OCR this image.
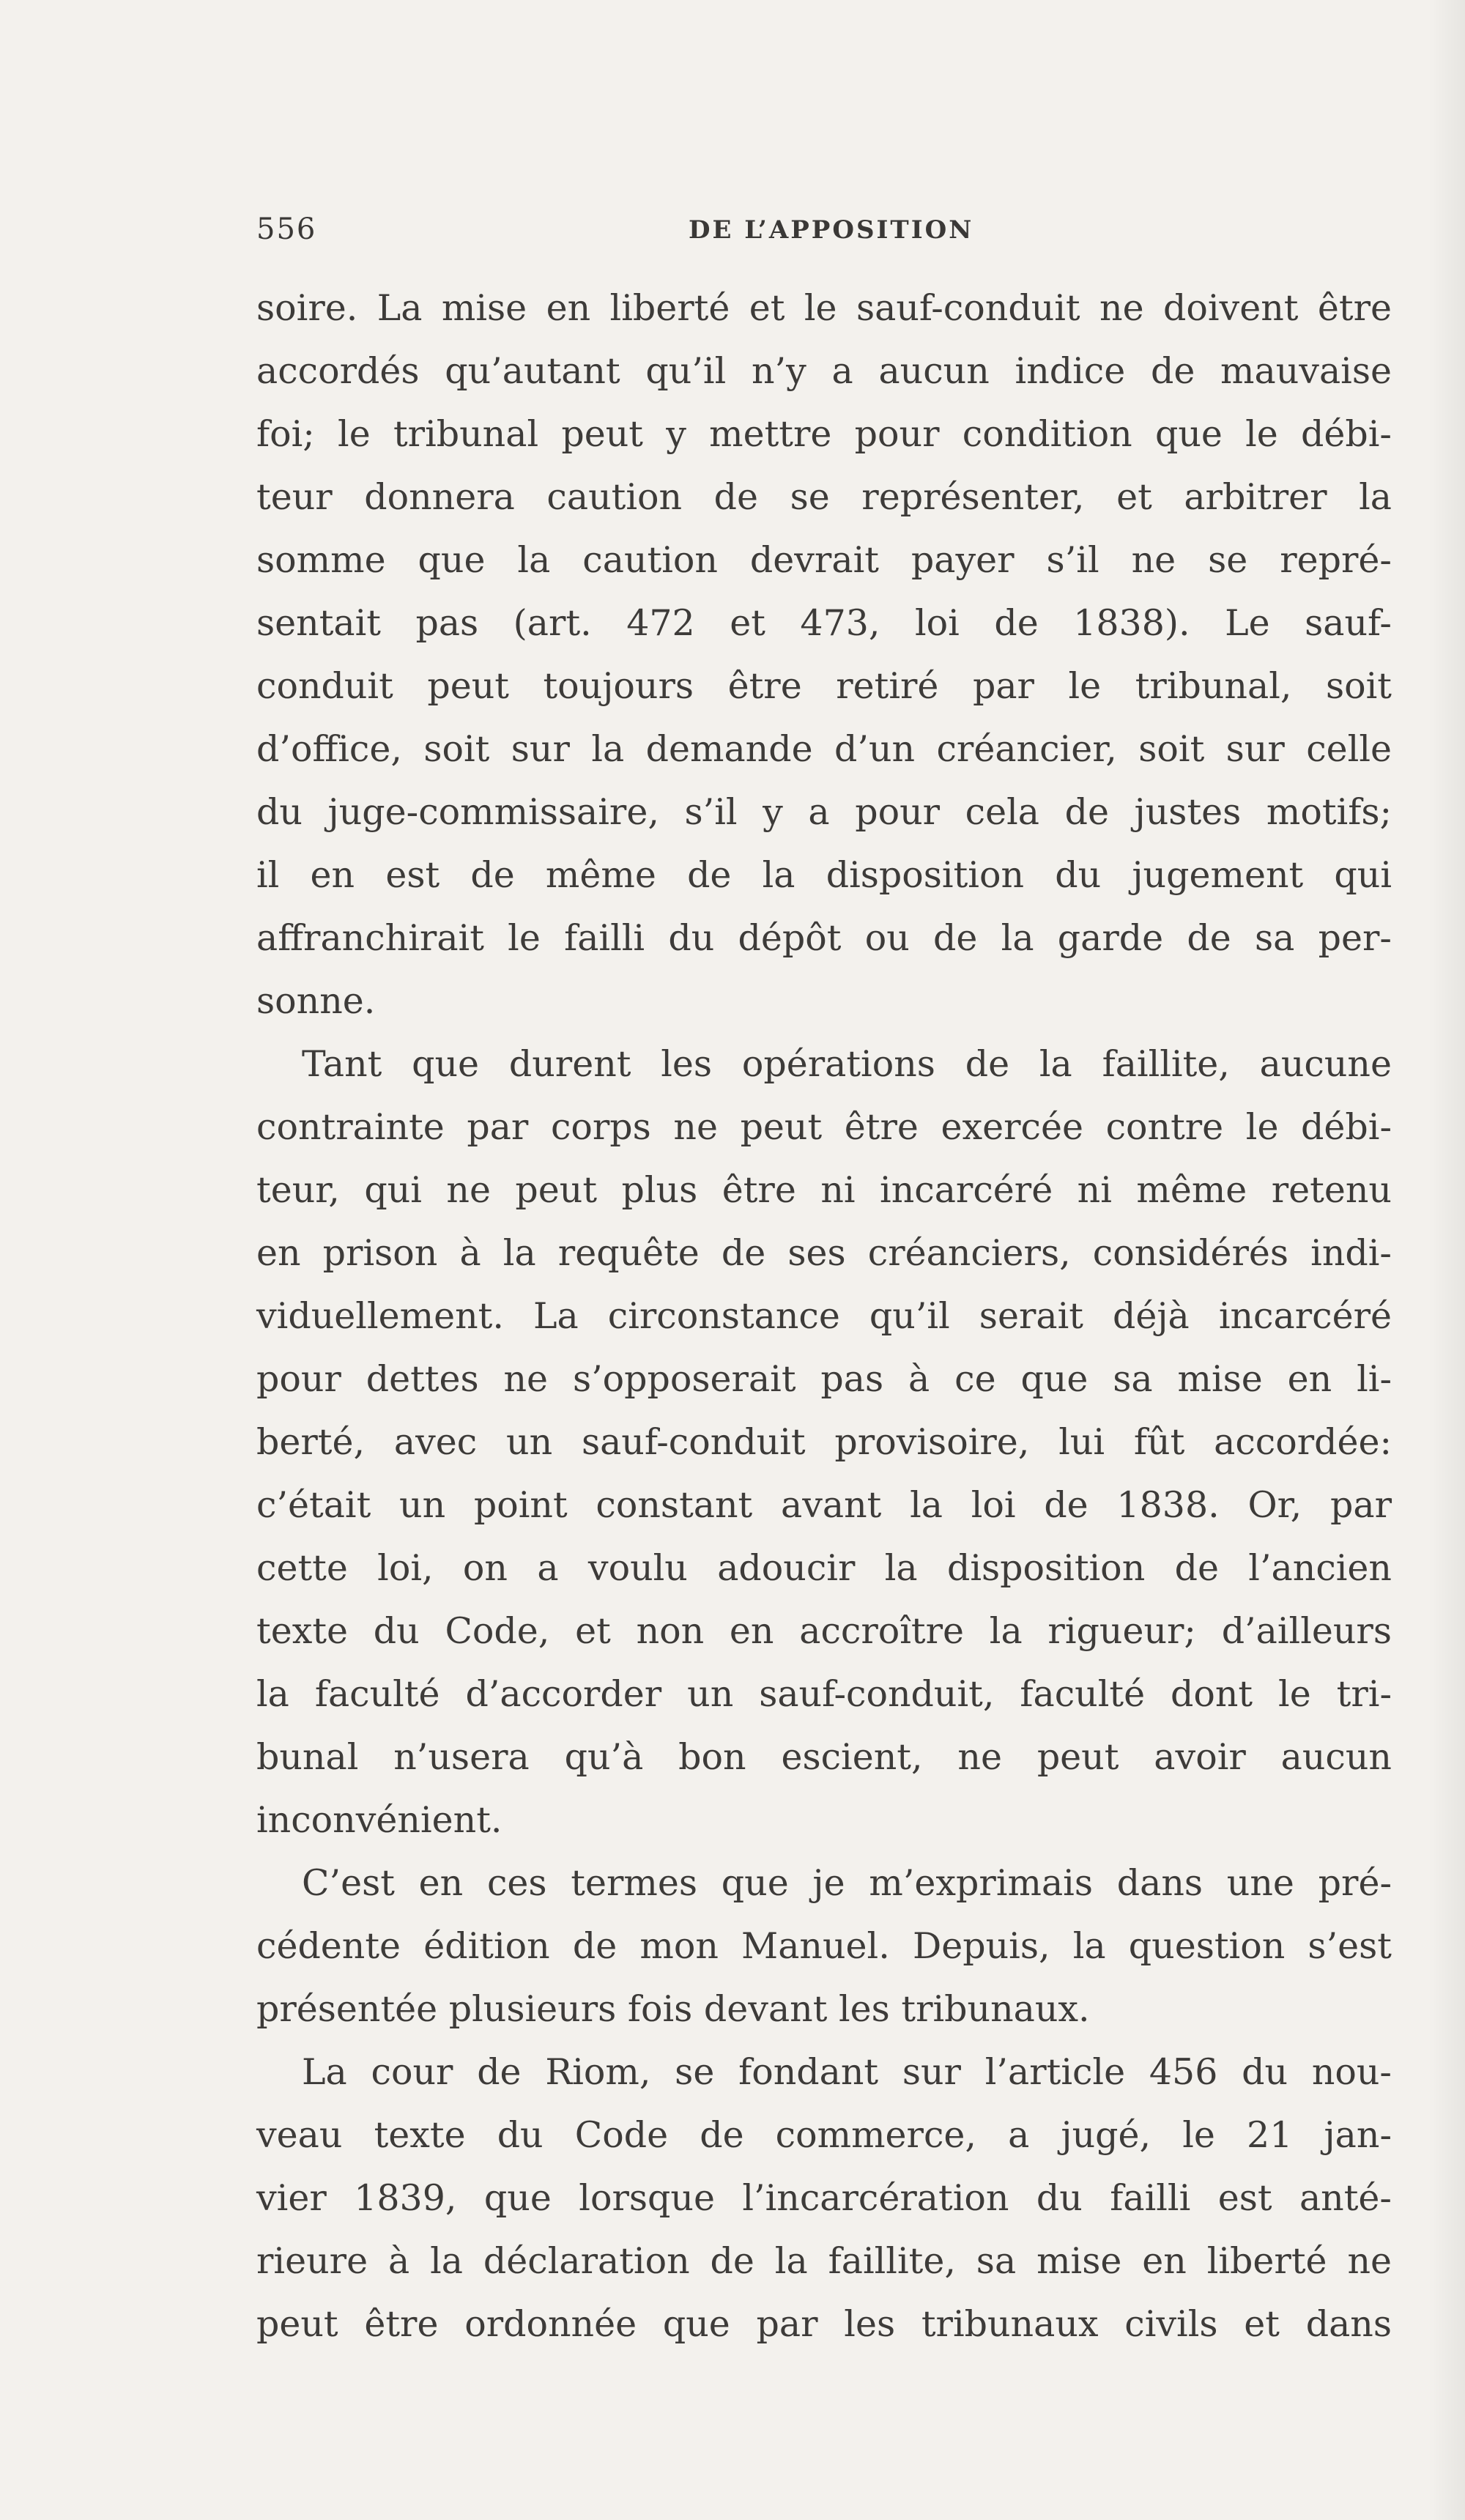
556	DE L’APPOSITION
soire. La mise en liberté et le sauf-conduit ne doivent être
accordés qu’autant qu’il n’y a aucun indice de mauvaise
foi; le tribunal peut y mettre pour condition que le débi-
teur donnera caution de se représenter, et arbitrer la
somme que la caution devrait payer s’il ne se repré-
sentait pas (art. 472 et 473, loi de 1838). Le sauf-
conduit peut toujours être retiré par le tribunal, soit
d’office, soit sur la demande d’un créancier, soit sur celle
du juge-commissaire, s’il y a pour cela de justes motifs;
il en est de même de la disposition du jugement qui
affranchirait le failli du dépôt ou de la garde de sa per-
sonne.
Tant que durent les opérations de la faillite, aucune
contrainte par corps ne peut être exercée contre le débi-
teur, qui ne peut plus être ni incarcéré ni même retenu
en prison à la requête de ses créanciers, considérés indi-
viduellement. La circonstance qu’il serait déjà incarcéré
pour dettes ne s’opposerait pas à ce que sa mise en li-
berté, avec un sauf-conduit provisoire, lui fût accordée:
c’était un point constant avant la loi de 1838. Or, par
cette loi, on a voulu adoucir la disposition de l’ancien
texte du Code, et non en accroître la rigueur; d’ailleurs
la faculté d’accorder un sauf-conduit, faculté dont le tri-
bunal n’usera qu’à bon escient, ne peut avoir aucun
inconvénient.
C’est en ces termes que je m’exprimais dans une pré-
cédente édition de mon Manuel. Depuis, la question s’est
présentée plusieurs fois devant les tribunaux.
La cour de Riom, se fondant sur l’article 456 du nou-
veau texte du Code de commerce, a jugé, le 21 jan-
vier 1839, que lorsque l’incarcération du failli est anté-
rieure à la déclaration de la faillite, sa mise en liberté ne
peut être ordonnée que par les tribunaux civils et dans
